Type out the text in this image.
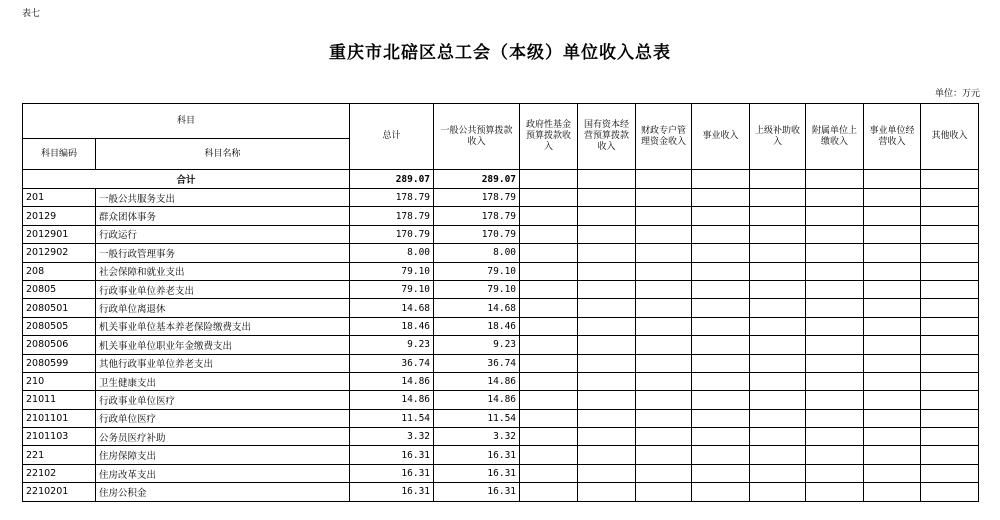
表七
重庆市北碚区总工会（本级）单位收入总表
单位：万元
科目		总计	一般公共预算拨款收入	政府性基金预算拨款收入	国有资本经营预算拨款收入	财政专户管理资金收入	事业收入	上级补助收入	附属单位上缴收入	事业单位经营收入	其他收入
科目编码	科目名称										
合计		289.07	289.07								
201	一般公共服务支出	178.79	178.79								
20129	群众团体事务	178.79	178.79								
2012901	行政运行	170.79	170.79								
2012902	一般行政管理事务	8.00	8.00								
208	社会保障和就业支出	79.10	79.10								
20805	行政事业单位养老支出	79.10	79.10								
2080501	行政单位离退休	14.68	14.68								
2080505	机关事业单位基本养老保险缴费支出	18.46	18.46								
2080506	机关事业单位职业年金缴费支出	9.23	9.23								
2080599	其他行政事业单位养老支出	36.74	36.74								
210	卫生健康支出	14.86	14.86								
21011	行政事业单位医疗	14.86	14.86								
2101101	行政单位医疗	11.54	11.54								
2101103	公务员医疗补助	3.32	3.32								
221	住房保障支出	16.31	16.31								
22102	住房改革支出	16.31	16.31								
2210201	住房公积金	16.31	16.31								
